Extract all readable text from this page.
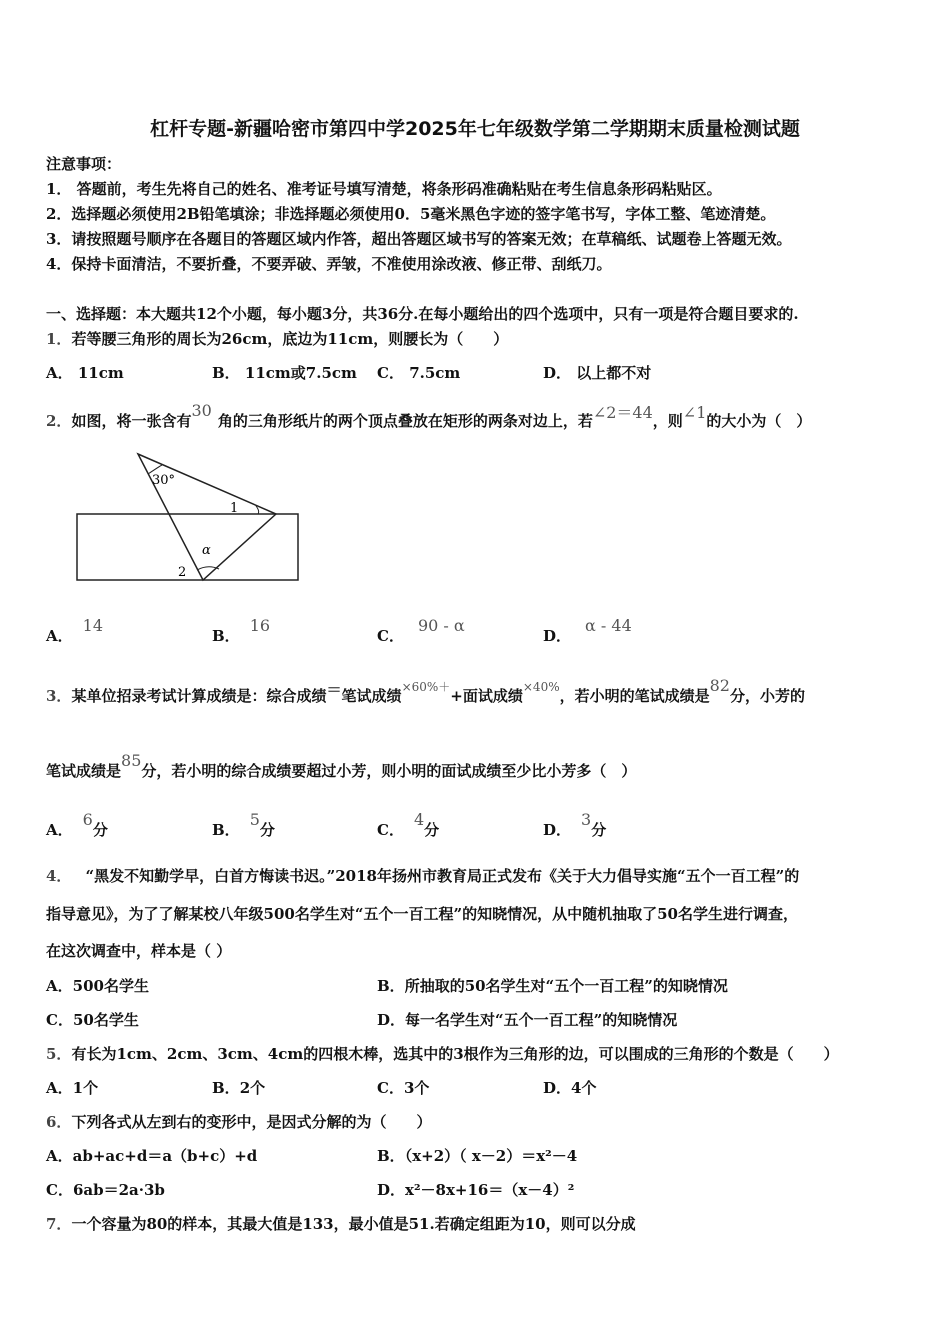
杠杆专题-新疆哈密市第四中学2025年七年级数学第二学期期末质量检测试题
注意事项：
1． 答题前，考生先将自己的姓名、准考证号填写清楚，将条形码准确粘贴在考生信息条形码粘贴区。
2．选择题必须使用2B铅笔填涂；非选择题必须使用0．5毫米黑色字迹的签字笔书写，字体工整、笔迹清楚。
3．请按照题号顺序在各题目的答题区域内作答，超出答题区域书写的答案无效；在草稿纸、试题卷上答题无效。
4．保持卡面清洁，不要折叠，不要弄破、弄皱，不准使用涂改液、修正带、刮纸刀。
一、选择题：本大题共12个小题，每小题3分，共36分.在每小题给出的四个选项中，只有一项是符合题目要求的.
1．若等腰三角形的周长为26cm，底边为11cm，则腰长为（　　）
A． 11cm	B． 11cm或7.5cm C． 7.5cm	D． 以上都不对
2．如图，将一张含有30角的三角形纸片的两个顶点叠放在矩形的两条对边上，若∠2＝44，则∠1的大小为（　）
30°
1
2
α
A．14
B．16
C．90 - α
D．α - 44
3．某单位招录考试计算成绩是：综合成绩=笔试成绩$^{\times 60\%+}$+面试成绩$^{\times 40\%}$，若小明的笔试成绩是82分，小芳的
笔试成绩是85分，若小明的综合成绩要超过小芳，则小明的面试成绩至少比小芳多（　）
A．6分	B．5分	C．4分	D．3分
4． “黑发不知勤学早，白首方悔读书迟。”2018年扬州市教育局正式发布《关于大力倡导实施“五个一百工程”的
指导意见》，为了了解某校八年级500名学生对“五个一百工程”的知晓情况，从中随机抽取了50名学生进行调查，
在这次调查中，样本是（ ）
A．500名学生	B．所抽取的50名学生对“五个一百工程”的知晓情况
C．50名学生	D．每一名学生对“五个一百工程”的知晓情况
5．有长为1cm、2cm、3cm、4cm的四根木棒，选其中的3根作为三角形的边，可以围成的三角形的个数是（　　）
A．1个	B．2个	C．3个	D．4个
6．下列各式从左到右的变形中，是因式分解的为（　　）
A．ab+ac+d＝a（b+c）+d	B．（x+2）（ x－2）＝x²－4
C．6ab＝2a·3b	D．x²－8x+16＝（x－4）²
7．一个容量为80的样本，其最大值是133，最小值是51.若确定组距为10，则可以分成
